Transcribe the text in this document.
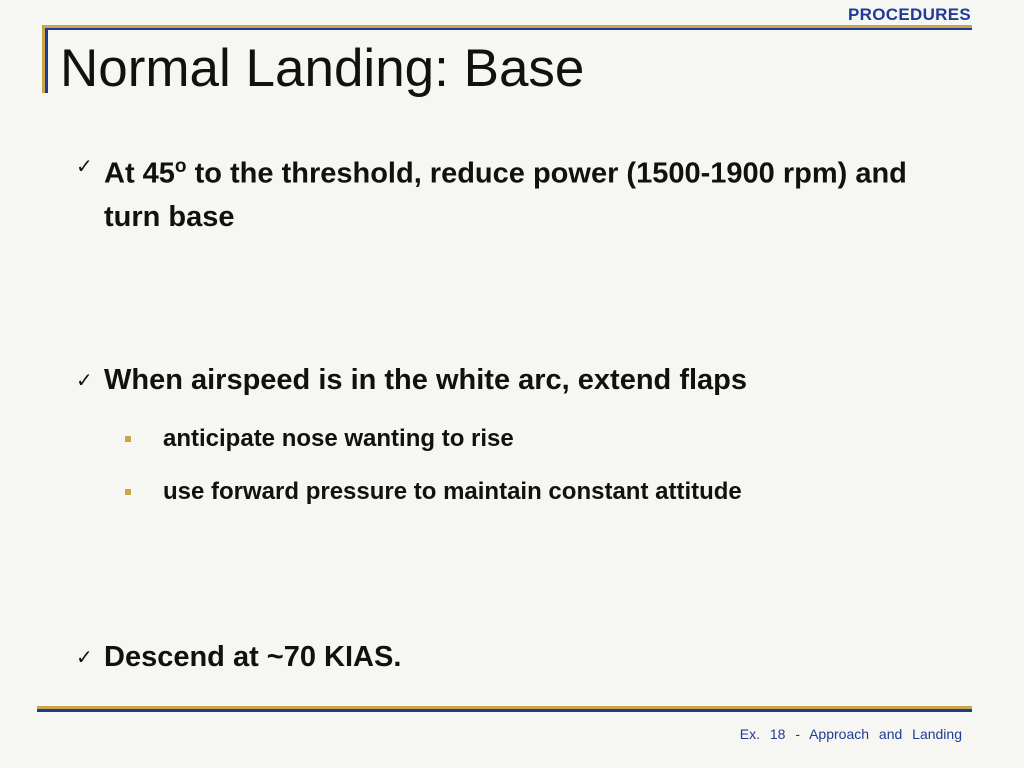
PROCEDURES
Normal Landing: Base
✓ At 45$^o$ to the threshold, reduce power (1500-1900 rpm) and turn base
✓ When airspeed is in the white arc, extend flaps
anticipate nose wanting to rise
use forward pressure to maintain constant attitude
✓ Descend at ~70 KIAS.
Ex. 18 - Approach and Landing
